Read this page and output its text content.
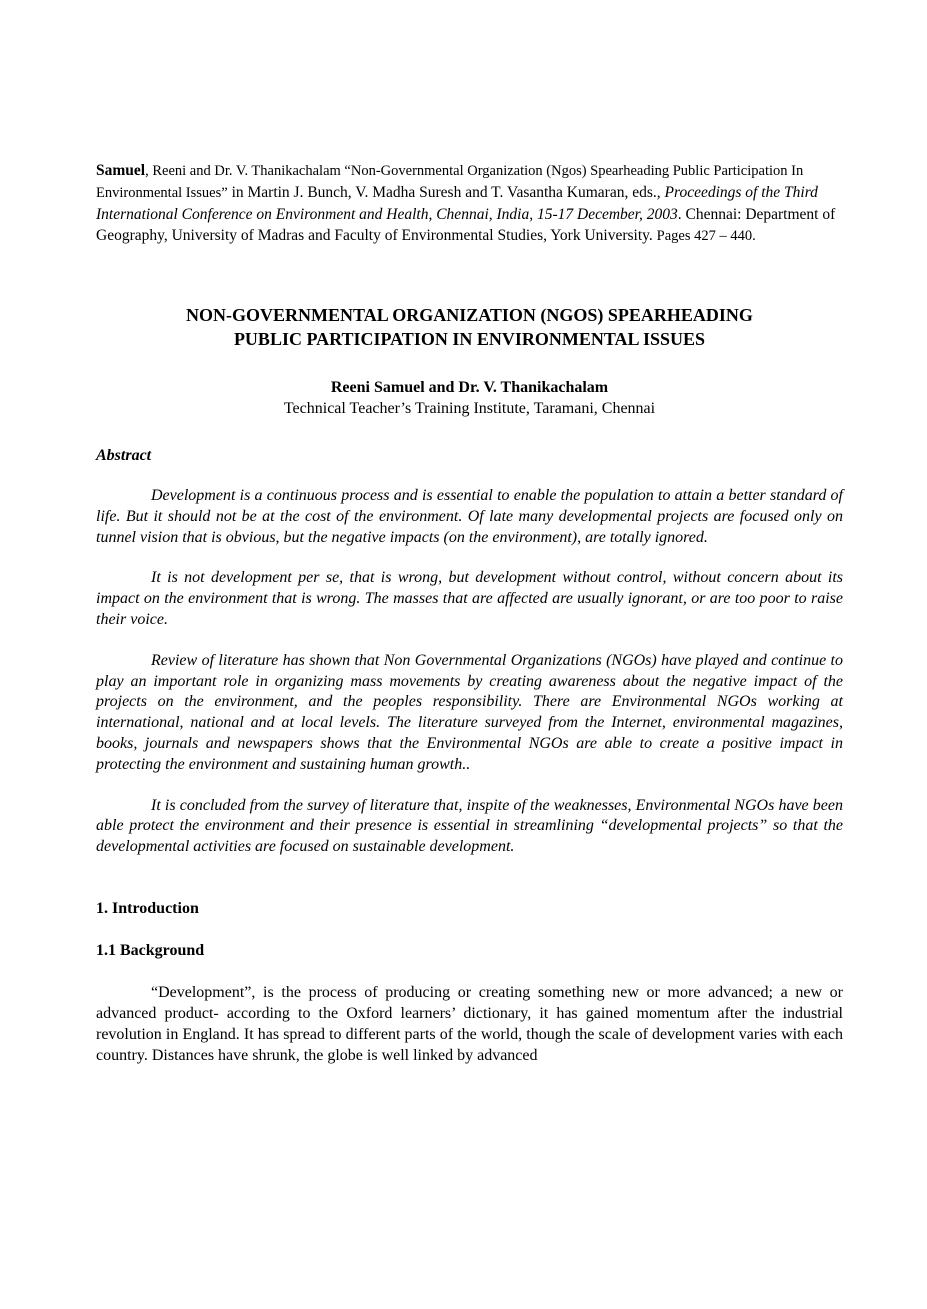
Samuel, Reeni and Dr. V. Thanikachalam “Non-Governmental Organization (Ngos) Spearheading Public Participation In Environmental Issues” in Martin J. Bunch, V. Madha Suresh and T. Vasantha Kumaran, eds., Proceedings of the Third International Conference on Environment and Health, Chennai, India, 15-17 December, 2003. Chennai: Department of Geography, University of Madras and Faculty of Environmental Studies, York University. Pages 427 – 440.

NON-GOVERNMENTAL ORGANIZATION (NGOS) SPEARHEADING
PUBLIC PARTICIPATION IN ENVIRONMENTAL ISSUES

Reeni Samuel and Dr. V. Thanikachalam

Technical Teacher’s Training Institute, Taramani, Chennai

Abstract

Development is a continuous process and is essential to enable the population to attain a better standard of life. But it should not be at the cost of the environment. Of late many developmental projects are focused only on tunnel vision that is obvious, but the negative impacts (on the environment), are totally ignored.

It is not development per se, that is wrong, but development without control, without concern about its impact on the environment that is wrong. The masses that are affected are usually ignorant, or are too poor to raise their voice.

Review of literature has shown that Non Governmental Organizations (NGOs) have played and continue to play an important role in organizing mass movements by creating awareness about the negative impact of the projects on the environment, and the peoples responsibility. There are Environmental NGOs working at international, national and at local levels. The literature surveyed from the Internet, environmental magazines, books, journals and newspapers shows that the Environmental NGOs are able to create a positive impact in protecting the environment and sustaining human growth..

It is concluded from the survey of literature that, inspite of the weaknesses, Environmental NGOs have been able protect the environment and their presence is essential in streamlining “developmental projects” so that the developmental activities are focused on sustainable development.

1. Introduction

1.1 Background

“Development”, is the process of producing or creating something new or more advanced; a new or advanced product- according to the Oxford learners’ dictionary, it has gained momentum after the industrial revolution in England. It has spread to different parts of the world, though the scale of development varies with each country. Distances have shrunk, the globe is well linked by advanced
